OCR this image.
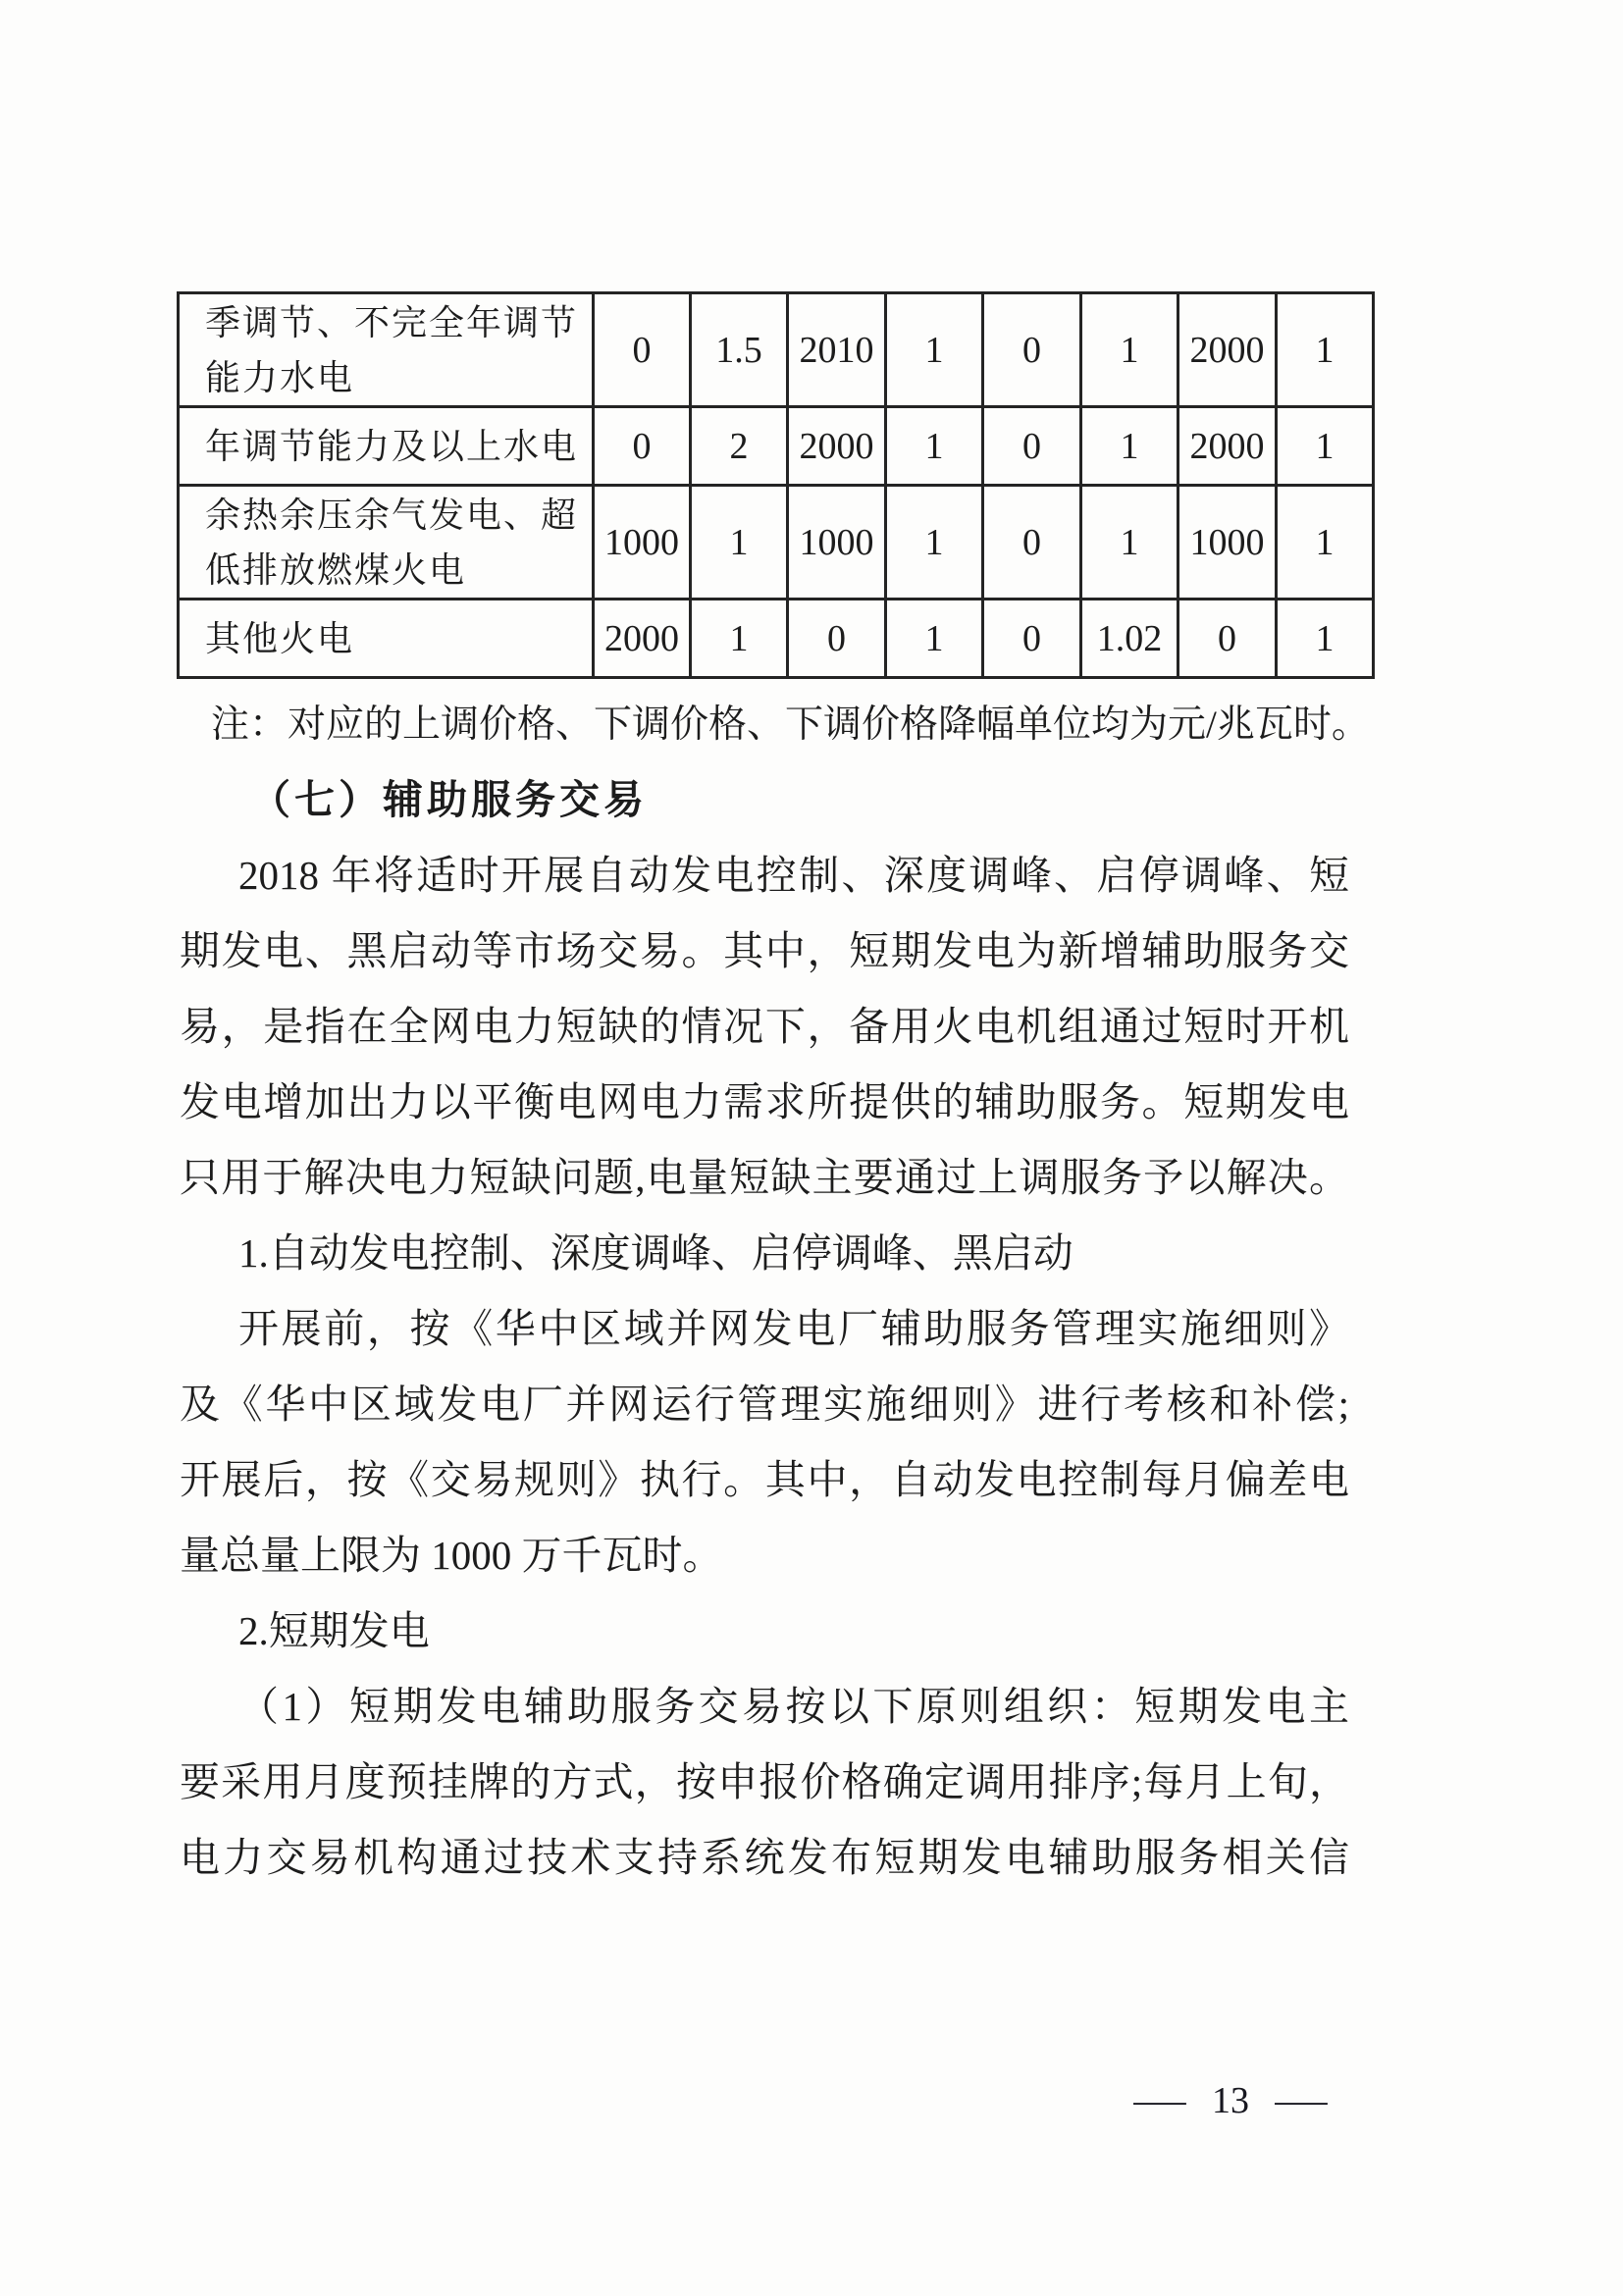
季调节、不完全年调节能力水电	0	1.5	2010	1	0	1	2000	1
年调节能力及以上水电	0	2	2000	1	0	1	2000	1
余热余压余气发电、超低排放燃煤火电	1000	1	1000	1	0	1	1000	1
其他火电	2000	1	0	1	0	1.02	0	1
注：对应的上调价格、下调价格、下调价格降幅单位均为元/兆瓦时。
（七）辅助服务交易
2018 年将适时开展自动发电控制、深度调峰、启停调峰、短
期发电、黑启动等市场交易。其中，短期发电为新增辅助服务交
易，是指在全网电力短缺的情况下，备用火电机组通过短时开机
发电增加出力以平衡电网电力需求所提供的辅助服务。短期发电
只用于解决电力短缺问题,电量短缺主要通过上调服务予以解决。
1.自动发电控制、深度调峰、启停调峰、黑启动
开展前，按《华中区域并网发电厂辅助服务管理实施细则》
及《华中区域发电厂并网运行管理实施细则》进行考核和补偿;
开展后，按《交易规则》执行。其中，自动发电控制每月偏差电
量总量上限为 1000 万千瓦时。
2.短期发电
（1）短期发电辅助服务交易按以下原则组织：短期发电主
要采用月度预挂牌的方式，按申报价格确定调用排序;每月上旬，
电力交易机构通过技术支持系统发布短期发电辅助服务相关信
— 13 —
